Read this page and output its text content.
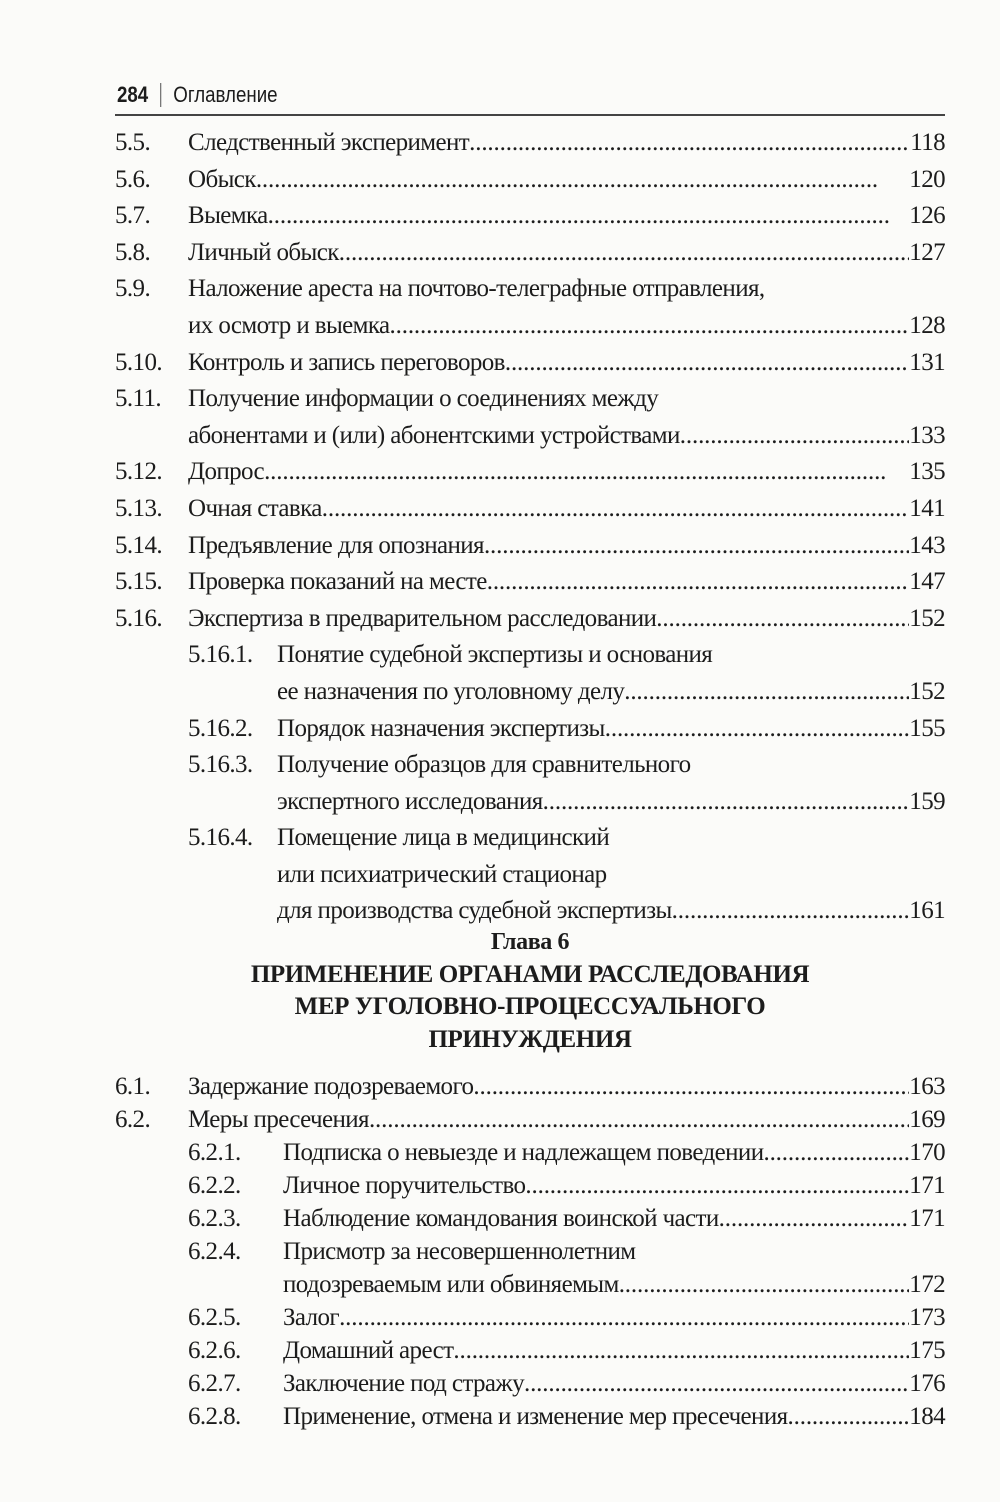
284 Оглавление
5.5. Следственный эксперимент . . .	118
5.6. Обыск . . .	120
5.7. Выемка . . .	126
5.8. Личный обыск . . .	127
5.9. Наложение ареста на почтово-телеграфные отправления,
их осмотр и выемка . . .	128
5.10. Контроль и запись переговоров . . .	131
5.11. Получение информации о соединениях между
абонентами и (или) абонентскими устройствами . . .	133
5.12. Допрос . . .	135
5.13. Очная ставка . . .	141
5.14. Предъявление для опознания . . .	143
5.15. Проверка показаний на месте . . .	147
5.16. Экспертиза в предварительном расследовании . . .	152
5.16.1. Понятие судебной экспертизы и основания
ее назначения по уголовному делу . . .	152
5.16.2. Порядок назначения экспертизы . . .	155
5.16.3. Получение образцов для сравнительного
экспертного исследования . . .	159
5.16.4. Помещение лица в медицинский
или психиатрический стационар
для производства судебной экспертизы . . .	161
Глава 6
ПРИМЕНЕНИЕ ОРГАНАМИ РАССЛЕДОВАНИЯ
МЕР УГОЛОВНО-ПРОЦЕССУАЛЬНОГО
ПРИНУЖДЕНИЯ
6.1. Задержание подозреваемого . . .	163
6.2. Меры пресечения . . .	169
6.2.1. Подписка о невыезде и надлежащем поведении . . .	170
6.2.2. Личное поручительство . . .	171
6.2.3. Наблюдение командования воинской части . . .	171
6.2.4. Присмотр за несовершеннолетним
подозреваемым или обвиняемым . . .	172
6.2.5. Залог . . .	173
6.2.6. Домашний арест . . .	175
6.2.7. Заключение под стражу . . .	176
6.2.8. Применение, отмена и изменение мер пресечения . . .	184
